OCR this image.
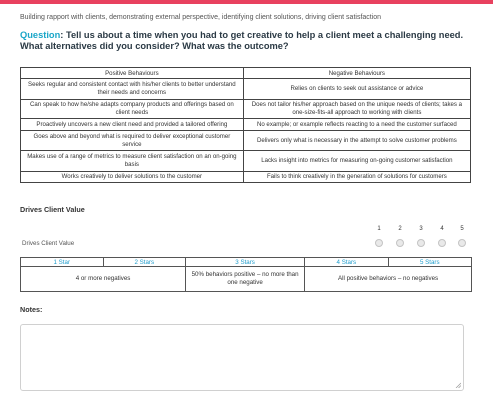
Building rapport with clients, demonstrating external perspective, identifying client solutions, driving client satisfaction
Question: Tell us about a time when you had to get creative to help a client meet a challenging need. What alternatives did you consider? What was the outcome?
Positive Behaviours	Negative Behaviours
Seeks regular and consistent contact with his/her clients to better understand their needs and concerns	Relies on clients to seek out assistance or advice
Can speak to how he/she adapts company products and offerings based on client needs	Does not tailor his/her approach based on the unique needs of clients; takes a one-size-fits-all approach to working with clients
Proactively uncovers a new client need and provided a tailored offering	No example; or example reflects reacting to a need the customer surfaced
Goes above and beyond what is required to deliver exceptional customer service	Delivers only what is necessary in the attempt to solve customer problems
Makes use of a range of metrics to measure client satisfaction on an on-going basis	Lacks insight into metrics for measuring on-going customer satisfaction
Works creatively to deliver solutions to the customer	Fails to think creatively in the generation of solutions for customers
Drives Client Value
1	2	3	4	5
Drives Client Value
1 Star	2 Stars	3 Stars	4 Stars	5 Stars
4 or more negatives		50% behaviors positive – no more than one negative	All positive behaviors – no negatives	
Notes:
